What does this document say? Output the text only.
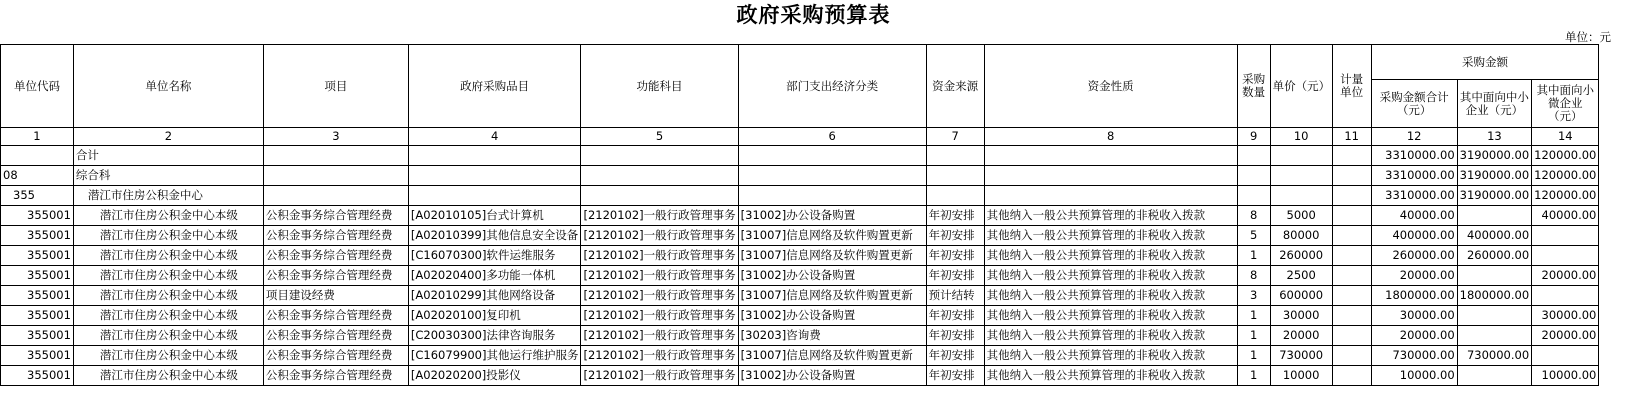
政府采购预算表
单位：元
单位代码	单位名称	项目	政府采购品目	功能科目	部门支出经济分类	资金来源	资金性质	采购数量	单价（元）	计量单位	采购金额		
											采购金额合计（元）	其中面向中小企业（元）	其中面向小微企业（元）
1	2	3	4	5	6	7	8	9	10	11	12	13	14
	合计										3310000.00	3190000.00	120000.00
08	综合科										3310000.00	3190000.00	120000.00
355	潜江市住房公积金中心										3310000.00	3190000.00	120000.00
355001	潜江市住房公积金中心本级	公积金事务综合管理经费	[A02010105]台式计算机	[2120102]一般行政管理事务	[31002]办公设备购置	年初安排	其他纳入一般公共预算管理的非税收入拨款	8	5000		40000.00		40000.00
355001	潜江市住房公积金中心本级	公积金事务综合管理经费	[A02010399]其他信息安全设备	[2120102]一般行政管理事务	[31007]信息网络及软件购置更新	年初安排	其他纳入一般公共预算管理的非税收入拨款	5	80000		400000.00	400000.00	
355001	潜江市住房公积金中心本级	公积金事务综合管理经费	[C16070300]软件运维服务	[2120102]一般行政管理事务	[31007]信息网络及软件购置更新	年初安排	其他纳入一般公共预算管理的非税收入拨款	1	260000		260000.00	260000.00	
355001	潜江市住房公积金中心本级	公积金事务综合管理经费	[A02020400]多功能一体机	[2120102]一般行政管理事务	[31002]办公设备购置	年初安排	其他纳入一般公共预算管理的非税收入拨款	8	2500		20000.00		20000.00
355001	潜江市住房公积金中心本级	项目建设经费	[A02010299]其他网络设备	[2120102]一般行政管理事务	[31007]信息网络及软件购置更新	预计结转	其他纳入一般公共预算管理的非税收入拨款	3	600000		1800000.00	1800000.00	
355001	潜江市住房公积金中心本级	公积金事务综合管理经费	[A02020100]复印机	[2120102]一般行政管理事务	[31002]办公设备购置	年初安排	其他纳入一般公共预算管理的非税收入拨款	1	30000		30000.00		30000.00
355001	潜江市住房公积金中心本级	公积金事务综合管理经费	[C20030300]法律咨询服务	[2120102]一般行政管理事务	[30203]咨询费	年初安排	其他纳入一般公共预算管理的非税收入拨款	1	20000		20000.00		20000.00
355001	潜江市住房公积金中心本级	公积金事务综合管理经费	[C16079900]其他运行维护服务	[2120102]一般行政管理事务	[31007]信息网络及软件购置更新	年初安排	其他纳入一般公共预算管理的非税收入拨款	1	730000		730000.00	730000.00	
355001	潜江市住房公积金中心本级	公积金事务综合管理经费	[A02020200]投影仪	[2120102]一般行政管理事务	[31002]办公设备购置	年初安排	其他纳入一般公共预算管理的非税收入拨款	1	10000		10000.00		10000.00
